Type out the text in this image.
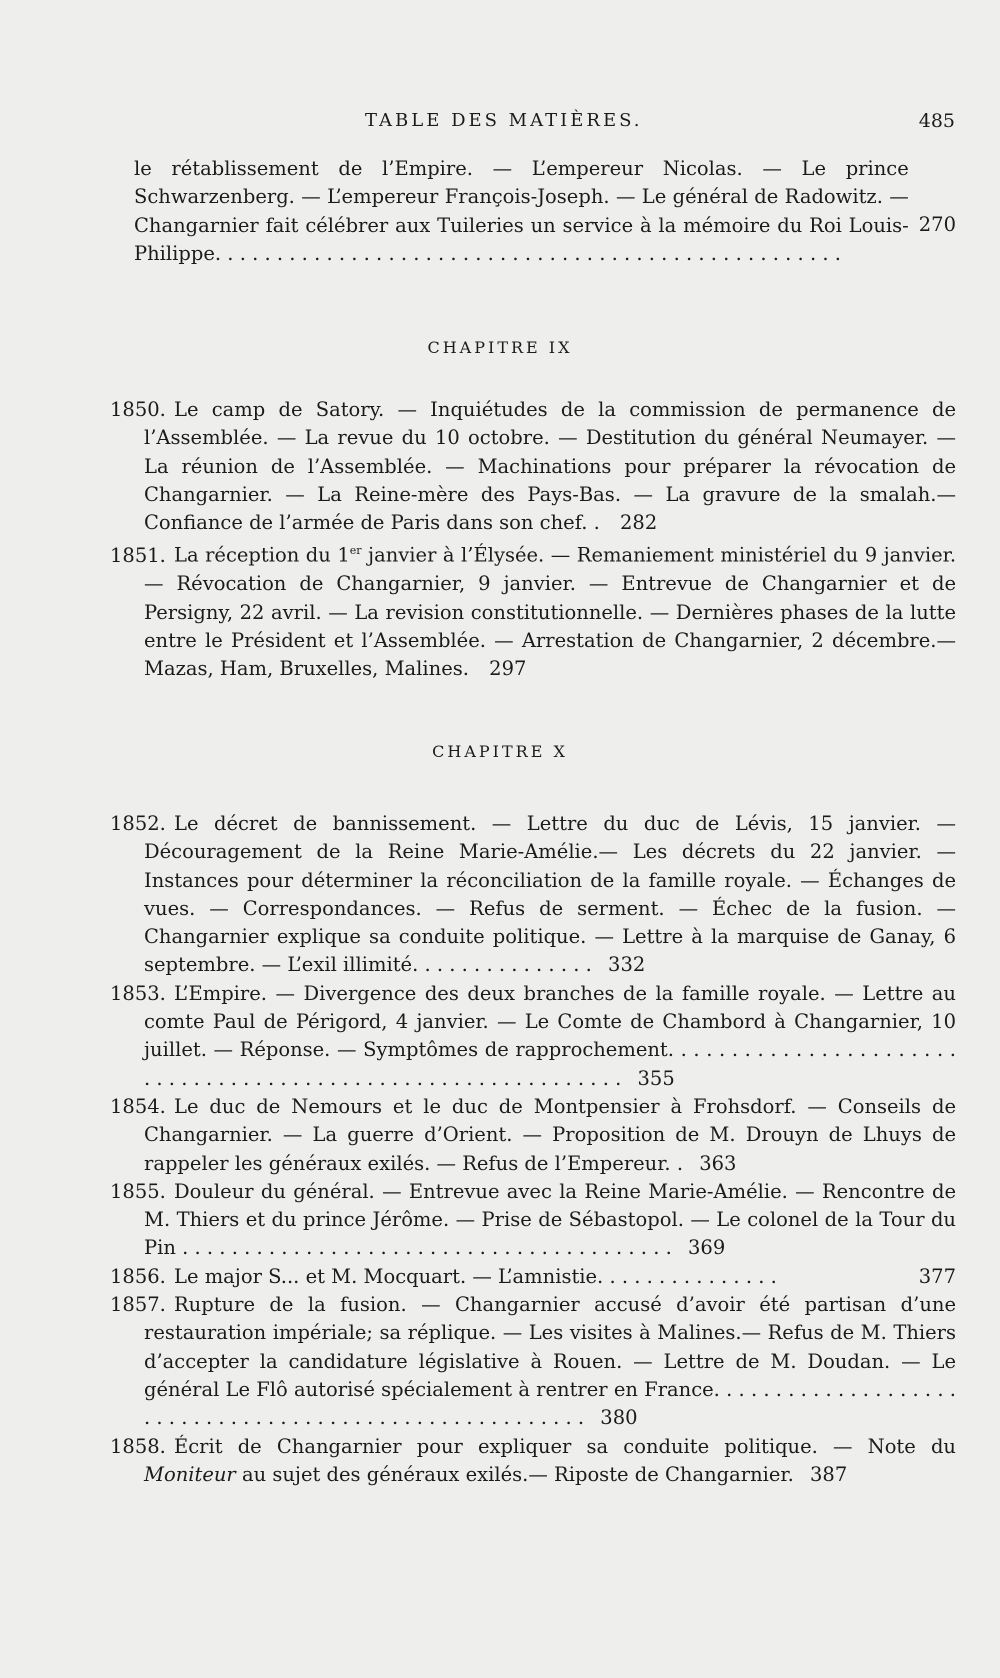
TABLE DES MATIÈRES.	485
270
le rétablissement de l’Empire. — L’empereur Nicolas. — Le prince Schwarzenberg. — L’empereur François-Joseph. — Le général de Radowitz. — Changarnier fait célébrer aux Tuileries un service à la mémoire du Roi Louis-Philippe. . . . . . . . . . . . . . . . . . . . . . . . . . . . . . . . . . . . . . . . . . . . . . . . . . .
CHAPITRE IX
1850. Le camp de Satory. — Inquiétudes de la commission de permanence de l’Assemblée. — La revue du 10 octobre. — Destitution du général Neumayer. — La réunion de l’Assemblée. — Machinations pour préparer la révocation de Changarnier. — La Reine-mère des Pays-Bas. — La gravure de la smalah.—Confiance de l’armée de Paris dans son chef. . 282
1851. La réception du 1er janvier à l’Élysée. — Remaniement ministériel du 9 janvier. — Révocation de Changarnier, 9 janvier. — Entrevue de Changarnier et de Persigny, 22 avril. — La revision constitutionnelle. — Dernières phases de la lutte entre le Président et l’Assemblée. — Arrestation de Changarnier, 2 décembre.— Mazas, Ham, Bruxelles, Malines. 297
CHAPITRE X
1852. Le décret de bannissement. — Lettre du duc de Lévis, 15 janvier. — Découragement de la Reine Marie-Amélie.— Les décrets du 22 janvier. — Instances pour déterminer la réconciliation de la famille royale. — Échanges de vues. — Correspondances. — Refus de serment. — Échec de la fusion. — Changarnier explique sa conduite politique. — Lettre à la marquise de Ganay, 6 septembre. — L’exil illimité. . . . . . . . . . . . . . . 332
1853. L’Empire. — Divergence des deux branches de la famille royale. — Lettre au comte Paul de Périgord, 4 janvier. — Le Comte de Chambord à Changarnier, 10 juillet. — Réponse. — Symptômes de rapprochement. . . . . . . . . . . . . . . . . . . . . . . . . . . . . . . . . . . . . . . . . . . . . . . . . . . . . . . . . . . . . . 355
1854. Le duc de Nemours et le duc de Montpensier à Frohsdorf. — Conseils de Changarnier. — La guerre d’Orient. — Proposition de M. Drouyn de Lhuys de rappeler les généraux exilés. — Refus de l’Empereur. . 363
1855. Douleur du général. — Entrevue avec la Reine Marie-Amélie. — Rencontre de M. Thiers et du prince Jérôme. — Prise de Sébastopol. — Le colonel de la Tour du Pin . . . . . . . . . . . . . . . . . . . . . . . . . . . . . . . . . . . . . . . . 369
1856. Le major S... et M. Mocquart. — L’amnistie. . . . . . . . . . . . . . .	377
1857. Rupture de la fusion. — Changarnier accusé d’avoir été partisan d’une restauration impériale; sa réplique. — Les visites à Malines.— Refus de M. Thiers d’accepter la candidature législative à Rouen. — Lettre de M. Doudan. — Le général Le Flô autorisé spécialement à rentrer en France. . . . . . . . . . . . . . . . . . . . . . . . . . . . . . . . . . . . . . . . . . . . . . . . . . . . . . . . 380
1858. Écrit de Changarnier pour expliquer sa conduite politique. — Note du Moniteur au sujet des généraux exilés.— Riposte de Changarnier. 387
